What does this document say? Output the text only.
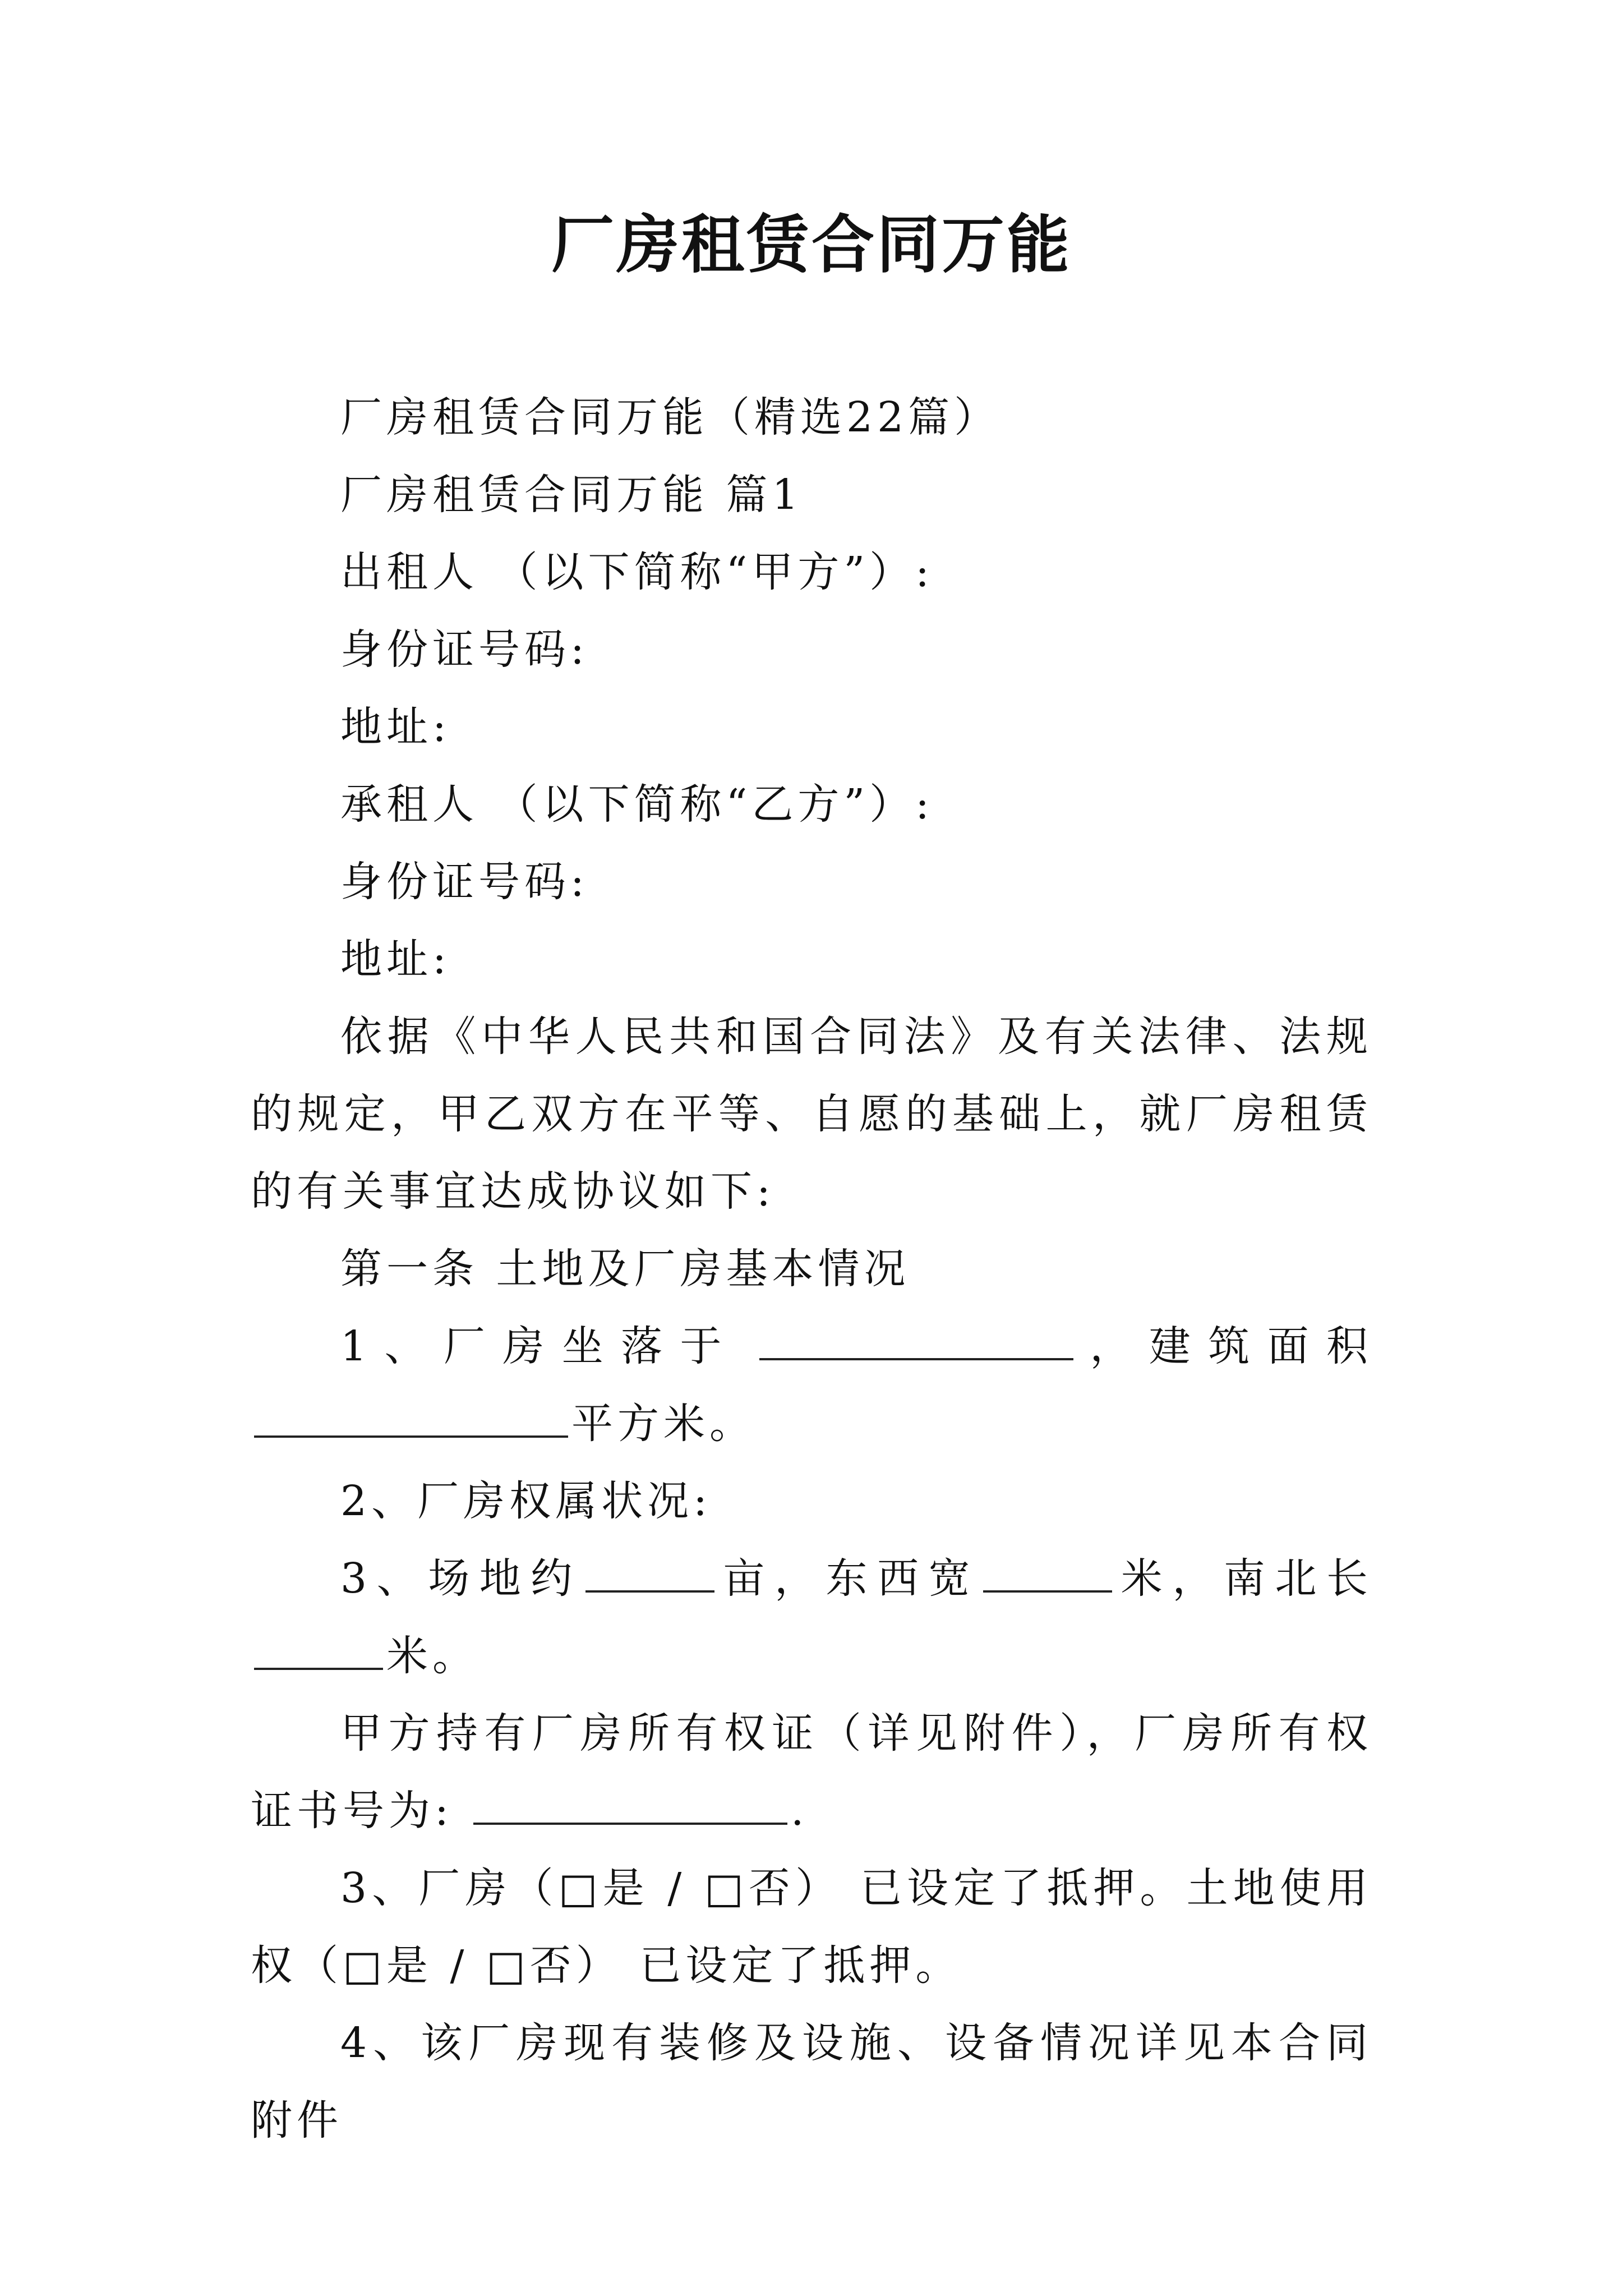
厂房租赁合同万能

厂房租赁合同万能（精选22篇）

厂房租赁合同万能 篇1

出租人 （以下简称“甲方”）:

身份证号码:

地址:

承租人 （以下简称“乙方”）:

身份证号码:

地址:

依据《中华人民共和国合同法》及有关法律、法规的规定，甲乙双方在平等、自愿的基础上，就厂房租赁的有关事宜达成协议如下:

第一条 土地及厂房基本情况

1、厂房坐落于	，建筑面积平方米。

2、厂房权属状况:

3、场地约	亩，东西宽	米，南北长米。

甲方持有厂房所有权证（详见附件），厂房所有权证书号为:	.

3、厂房（□是 / □否） 已设定了抵押。土地使用权（□是 / □否） 已设定了抵押。

4、该厂房现有装修及设施、设备情况详见本合同附件
